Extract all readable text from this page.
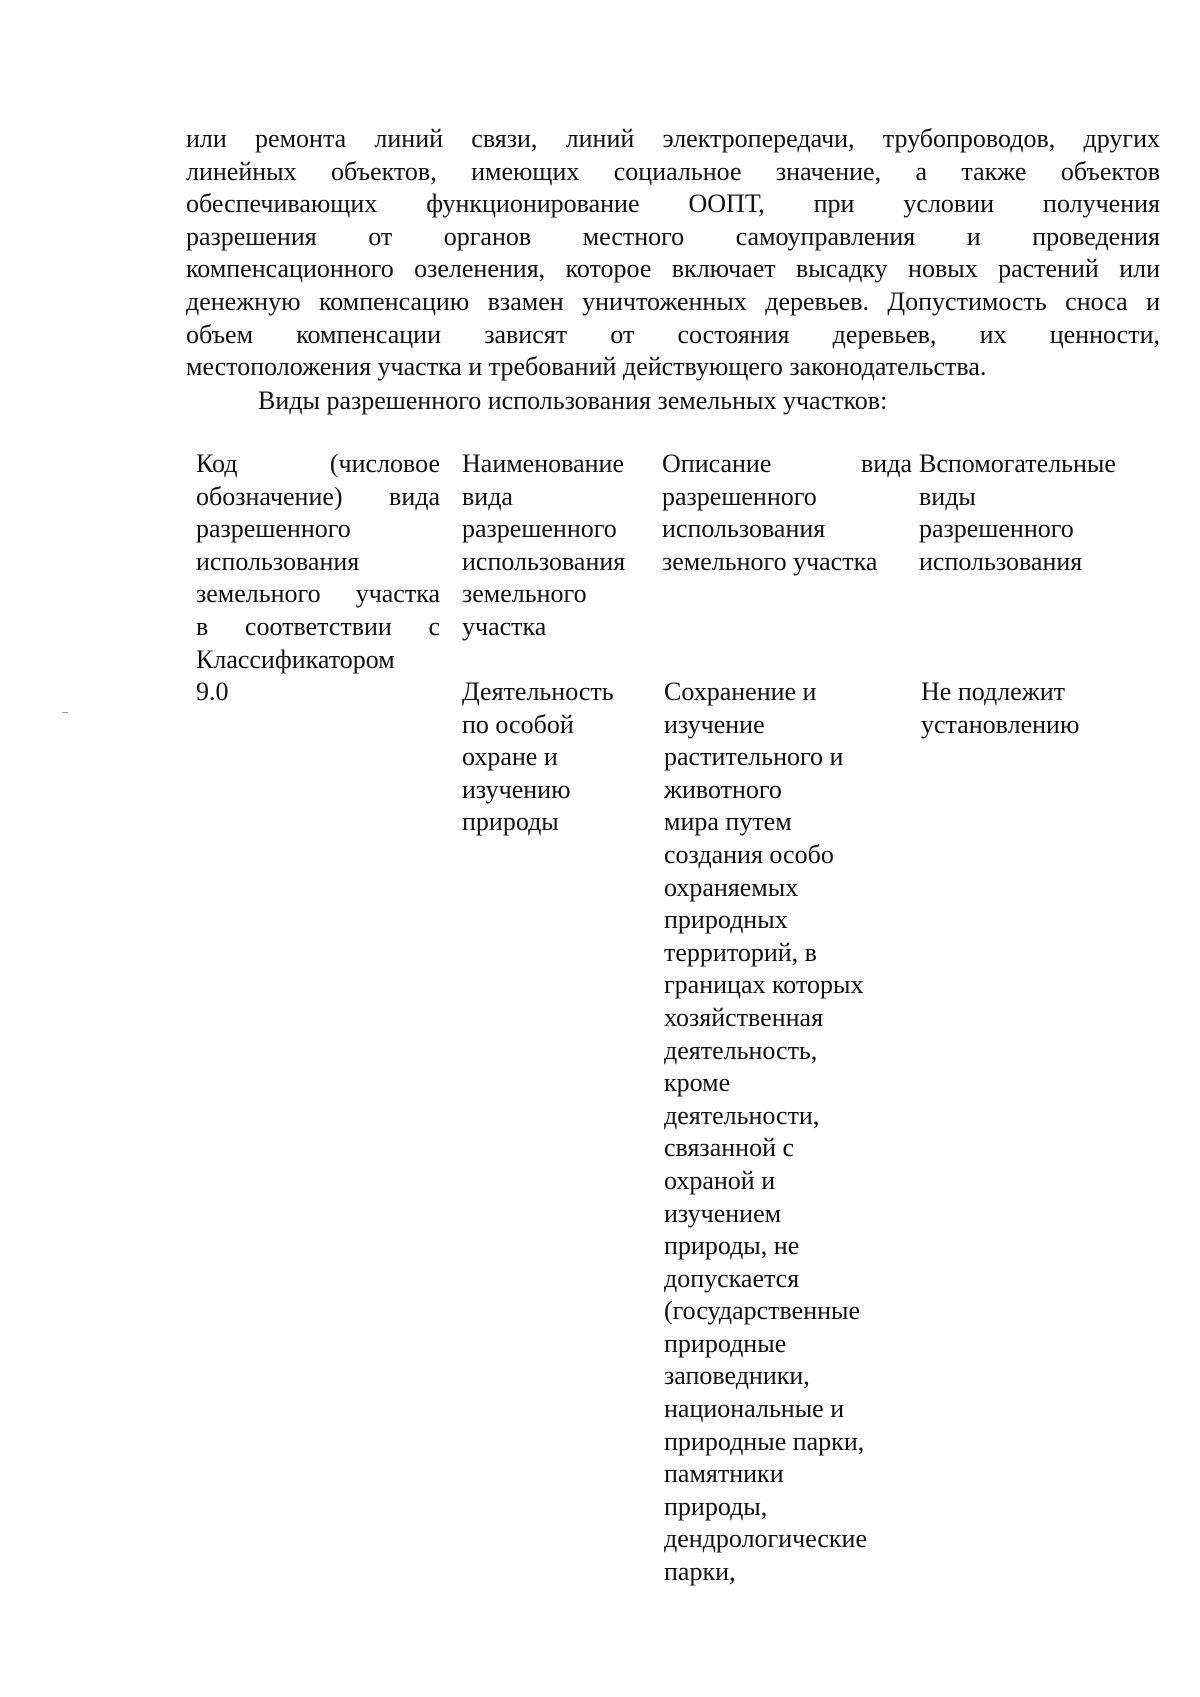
или ремонта линий связи, линий электропередачи, трубопроводов, других
линейных объектов, имеющих социальное значение, а также объектов
обеспечивающих функционирование ООПТ, при условии получения
разрешения от органов местного самоуправления и проведения
компенсационного озеленения, которое включает высадку новых растений или
денежную компенсацию взамен уничтоженных деревьев. Допустимость сноса и
объем компенсации зависят от состояния деревьев, их ценности,
местоположения участка и требований действующего законодательства.
Виды разрешенного использования земельных участков:
Код (числовое
обозначение) вида
разрешенного
использования
земельного участка
в соответствии с
Классификатором
Наименование
вида
разрешенного
использования
земельного
участка
Описание вида
разрешенного
использования
земельного участка
Вспомогательные
виды
разрешенного
использования
9.0	Деятельность
по особой
охране и
изучению
природы
Сохранение и
изучение
растительного и
животного
мира путем
создания особо
охраняемых
природных
территорий, в
границах которых
хозяйственная
деятельность,
кроме
деятельности,
связанной с
охраной и
изучением
природы, не
допускается
(государственные
природные
заповедники,
национальные и
природные парки,
памятники
природы,
дендрологические
парки,
Не подлежит
установлению
